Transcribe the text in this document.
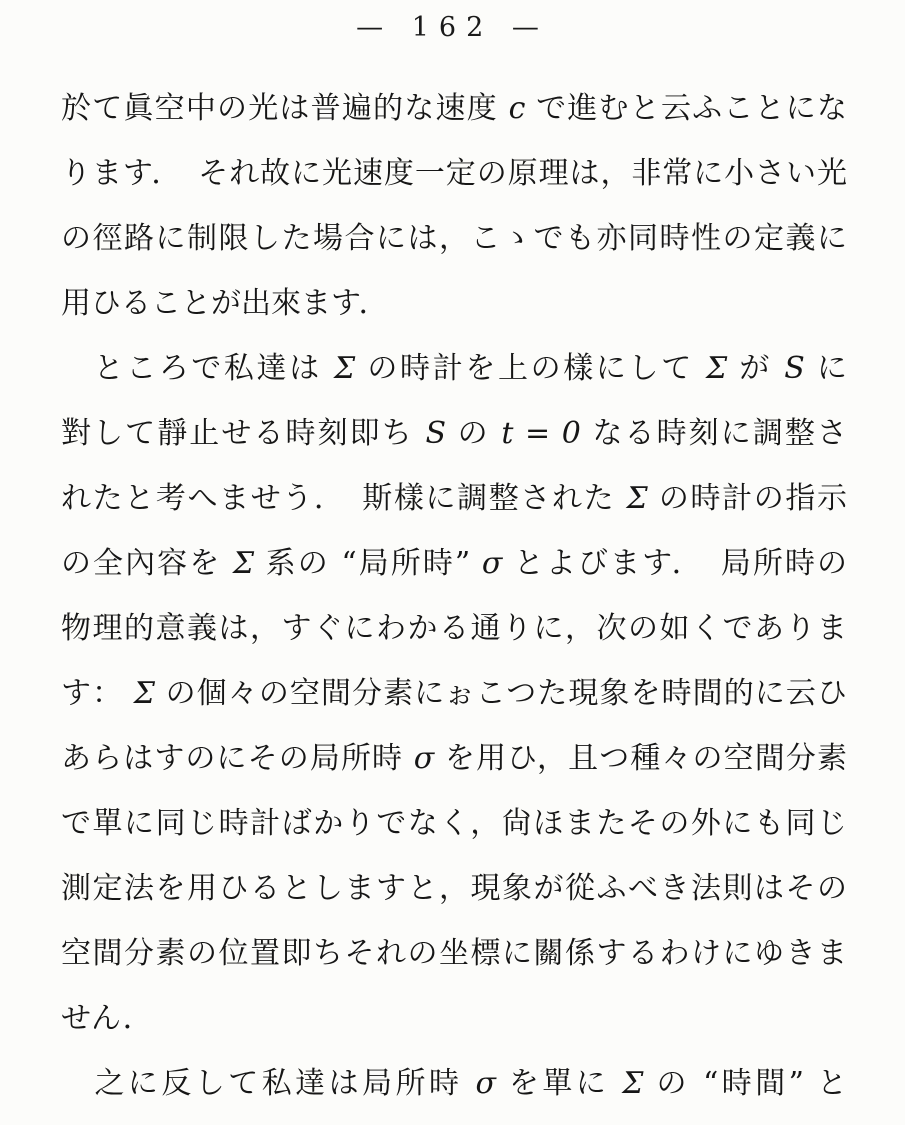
— 162 —
於て眞空中の光は普遍的な速度 c で進むと云ふことにな
ります．　それ故に光速度一定の原理は，非常に小さい光
の徑路に制限した場合には，こゝでも亦同時性の定義に
用ひることが出來ます．
　ところで私達は Σ の時計を上の樣にして Σ が S に
對して靜止せる時刻即ち S の t = 0 なる時刻に調整さ
れたと考へませう．　斯樣に調整された Σ の時計の指示
の全內容を Σ 系の “局所時” σ とよびます．　局所時の
物理的意義は，すぐにわかる通りに，次の如くでありま
す： Σ の個々の空間分素にぉこつた現象を時間的に云ひ
あらはすのにその局所時 σ を用ひ，且つ種々の空間分素
で單に同じ時計ばかりでなく，尙ほまたその外にも同じ
測定法を用ひるとしますと，現象が從ふべき法則はその
空間分素の位置即ちそれの坐標に關係するわけにゆきま
せん．
　之に反して私達は局所時 σ を單に Σ の “時間” と
